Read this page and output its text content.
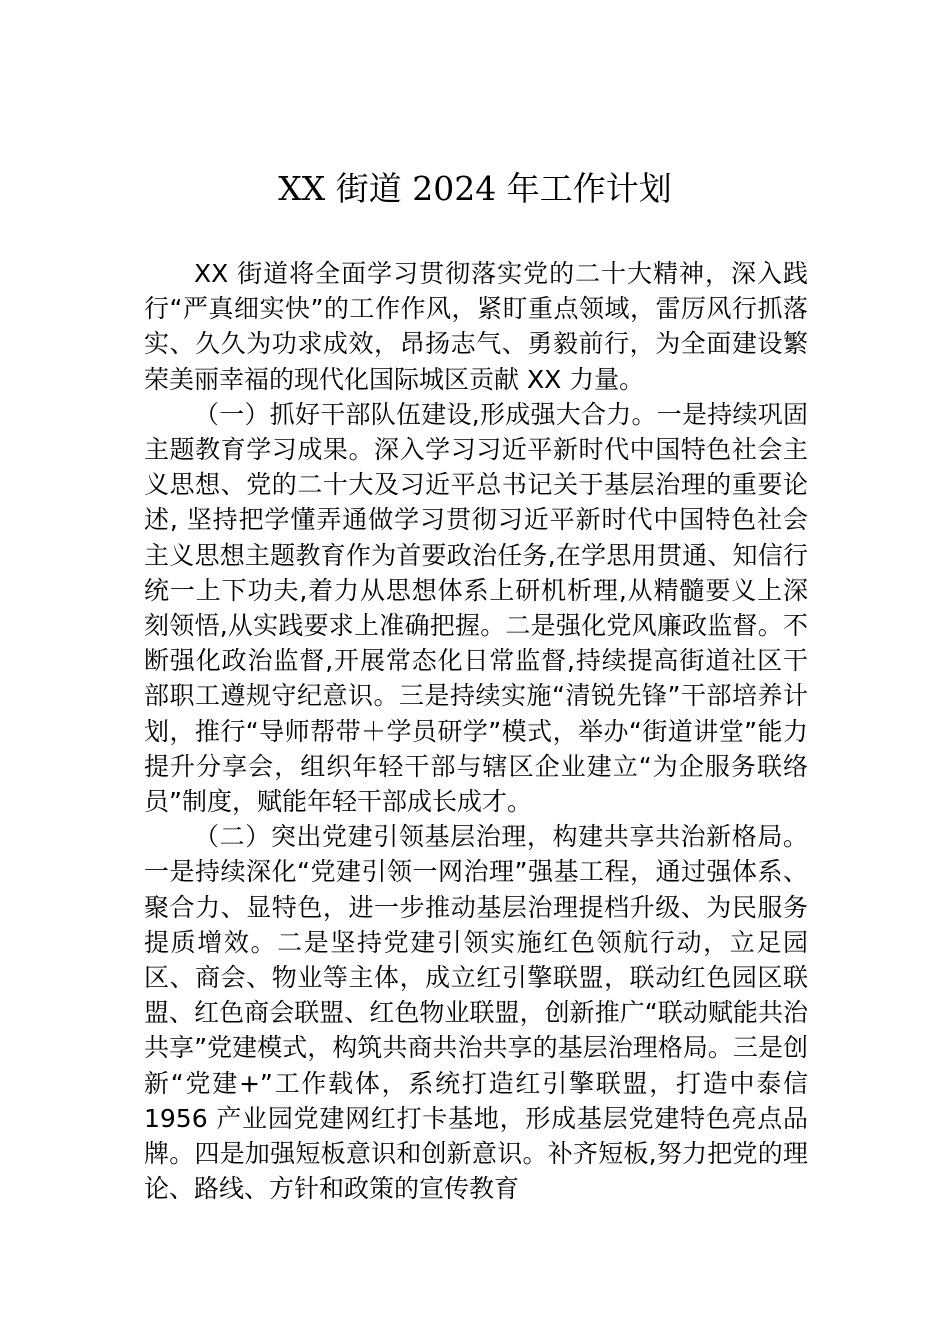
XX 街道 2024 年工作计划

XX 街道将全面学习贯彻落实党的二十大精神，深入践行“严真细实快”的工作作风，紧盯重点领域，雷厉风行抓落实、久久为功求成效，昂扬志气、勇毅前行，为全面建设繁荣美丽幸福的现代化国际城区贡献 XX 力量。

（一）抓好干部队伍建设,形成强大合力。一是持续巩固主题教育学习成果。深入学习习近平新时代中国特色社会主义思想、党的二十大及习近平总书记关于基层治理的重要论述, 坚持把学懂弄通做学习贯彻习近平新时代中国特色社会主义思想主题教育作为首要政治任务,在学思用贯通、知信行统一上下功夫,着力从思想体系上研机析理,从精髓要义上深刻领悟,从实践要求上准确把握。二是强化党风廉政监督。不断强化政治监督,开展常态化日常监督,持续提高街道社区干部职工遵规守纪意识。三是持续实施“清锐先锋”干部培养计划，推行“导师帮带＋学员研学”模式，举办“街道讲堂”能力提升分享会，组织年轻干部与辖区企业建立“为企服务联络员”制度，赋能年轻干部成长成才。

（二）突出党建引领基层治理，构建共享共治新格局。一是持续深化“党建引领一网治理”强基工程，通过强体系、聚合力、显特色，进一步推动基层治理提档升级、为民服务提质增效。二是坚持党建引领实施红色领航行动，立足园区、商会、物业等主体，成立红引擎联盟，联动红色园区联盟、红色商会联盟、红色物业联盟，创新推广“联动赋能共治共享”党建模式，构筑共商共治共享的基层治理格局。三是创新“党建+”工作载体，系统打造红引擎联盟，打造中泰信 1956 产业园党建网红打卡基地，形成基层党建特色亮点品牌。四是加强短板意识和创新意识。补齐短板,努力把党的理论、路线、方针和政策的宣传教育
